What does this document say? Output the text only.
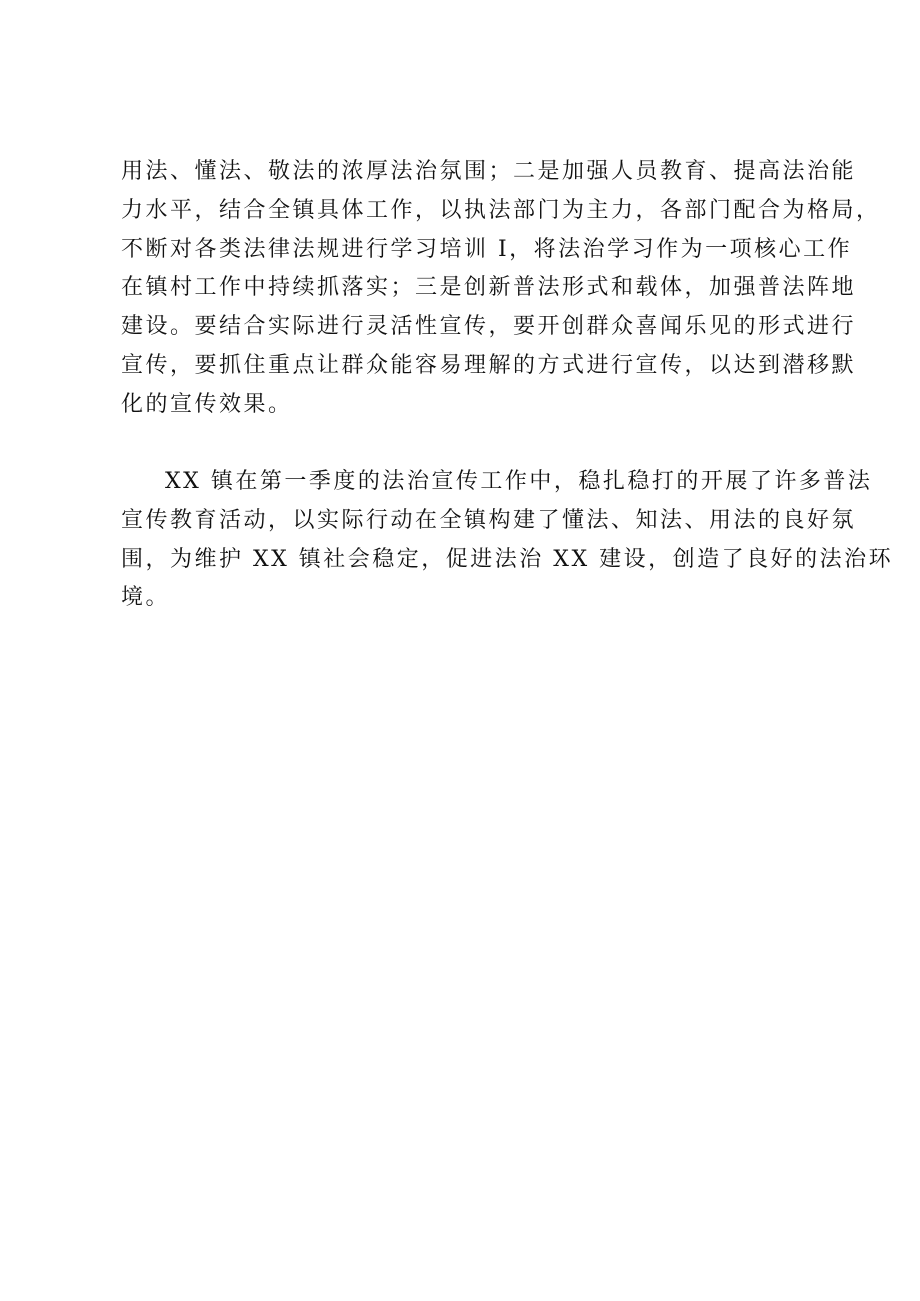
用法、懂法、敬法的浓厚法治氛围；二是加强人员教育、提高法治能
力水平，结合全镇具体工作，以执法部门为主力，各部门配合为格局，
不断对各类法律法规进行学习培训 I，将法治学习作为一项核心工作
在镇村工作中持续抓落实；三是创新普法形式和载体，加强普法阵地
建设。要结合实际进行灵活性宣传，要开创群众喜闻乐见的形式进行
宣传，要抓住重点让群众能容易理解的方式进行宣传，以达到潜移默
化的宣传效果。
XX 镇在第一季度的法治宣传工作中，稳扎稳打的开展了许多普法
宣传教育活动，以实际行动在全镇构建了懂法、知法、用法的良好氛
围，为维护 XX 镇社会稳定，促进法治 XX 建设，创造了良好的法治环
境。
